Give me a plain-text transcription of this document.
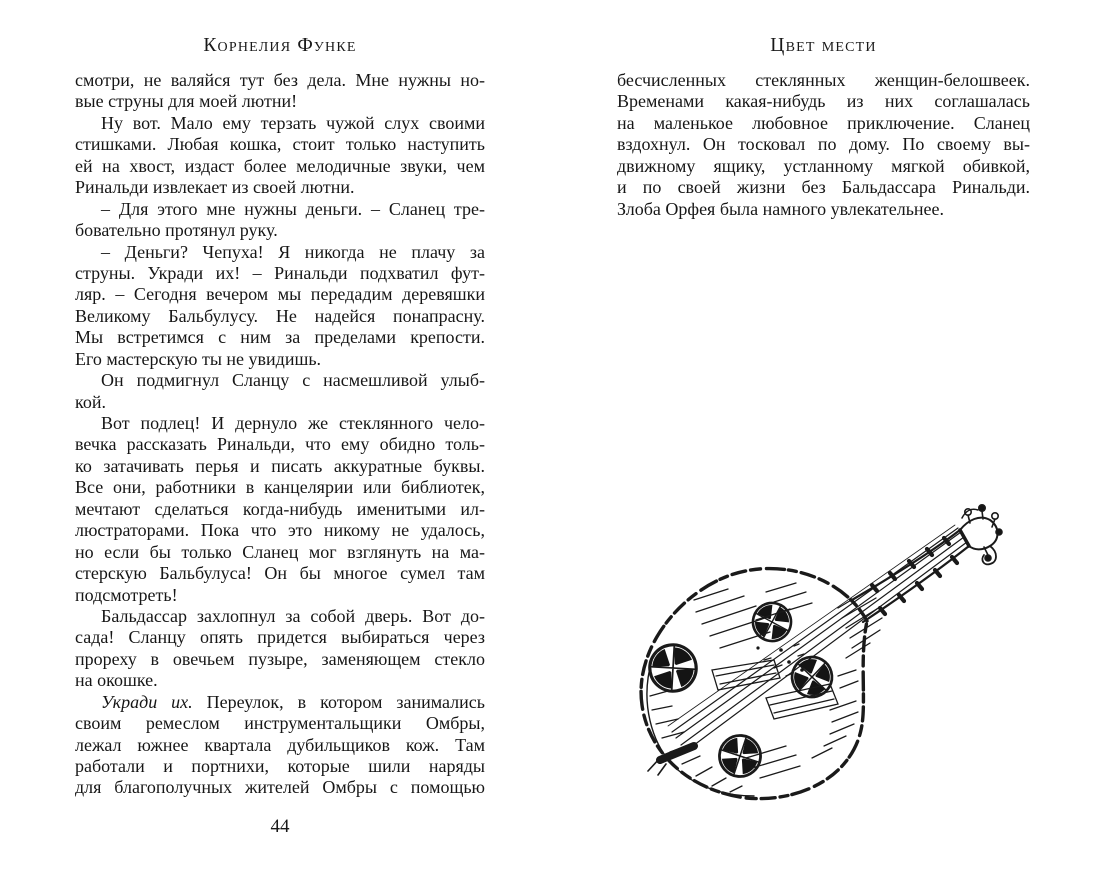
Корнелия Функе
смотри, не валяйся тут без дела. Мне нужны но-
вые струны для моей лютни!
Ну вот. Мало ему терзать чужой слух своими
стишками. Любая кошка, стоит только наступить
ей на хвост, издаст более мелодичные звуки, чем
Ринальди извлекает из своей лютни.
– Для этого мне нужны деньги. – Сланец тре-
бовательно протянул руку.
– Деньги? Чепуха! Я никогда не плачу за
струны. Укради их! – Ринальди подхватил фут-
ляр. – Сегодня вечером мы передадим деревяшки
Великому Бальбулусу. Не надейся понапрасну.
Мы встретимся с ним за пределами крепости.
Его мастерскую ты не увидишь.
Он подмигнул Сланцу с насмешливой улыб-
кой.
Вот подлец! И дернуло же стеклянного чело-
вечка рассказать Ринальди, что ему обидно толь-
ко затачивать перья и писать аккуратные буквы.
Все они, работники в канцелярии или библиотек,
мечтают сделаться когда-нибудь именитыми ил-
люстраторами. Пока что это никому не удалось,
но если бы только Сланец мог взглянуть на ма-
стерскую Бальбулуса! Он бы многое сумел там
подсмотреть!
Бальдассар захлопнул за собой дверь. Вот до-
сада! Сланцу опять придется выбираться через
прореху в овечьем пузыре, заменяющем стекло
на окошке.
Укради их. Переулок, в котором занимались
своим ремеслом инструментальщики Омбры,
лежал южнее квартала дубильщиков кож. Там
работали и портнихи, которые шили наряды
для благополучных жителей Омбры с помощью
44
Цвет мести
бесчисленных стеклянных женщин-белошвеек.
Временами какая-нибудь из них соглашалась
на маленькое любовное приключение. Сланец
вздохнул. Он тосковал по дому. По своему вы-
движному ящику, устланному мягкой обивкой,
и по своей жизни без Бальдассара Ринальди.
Злоба Орфея была намного увлекательнее.
